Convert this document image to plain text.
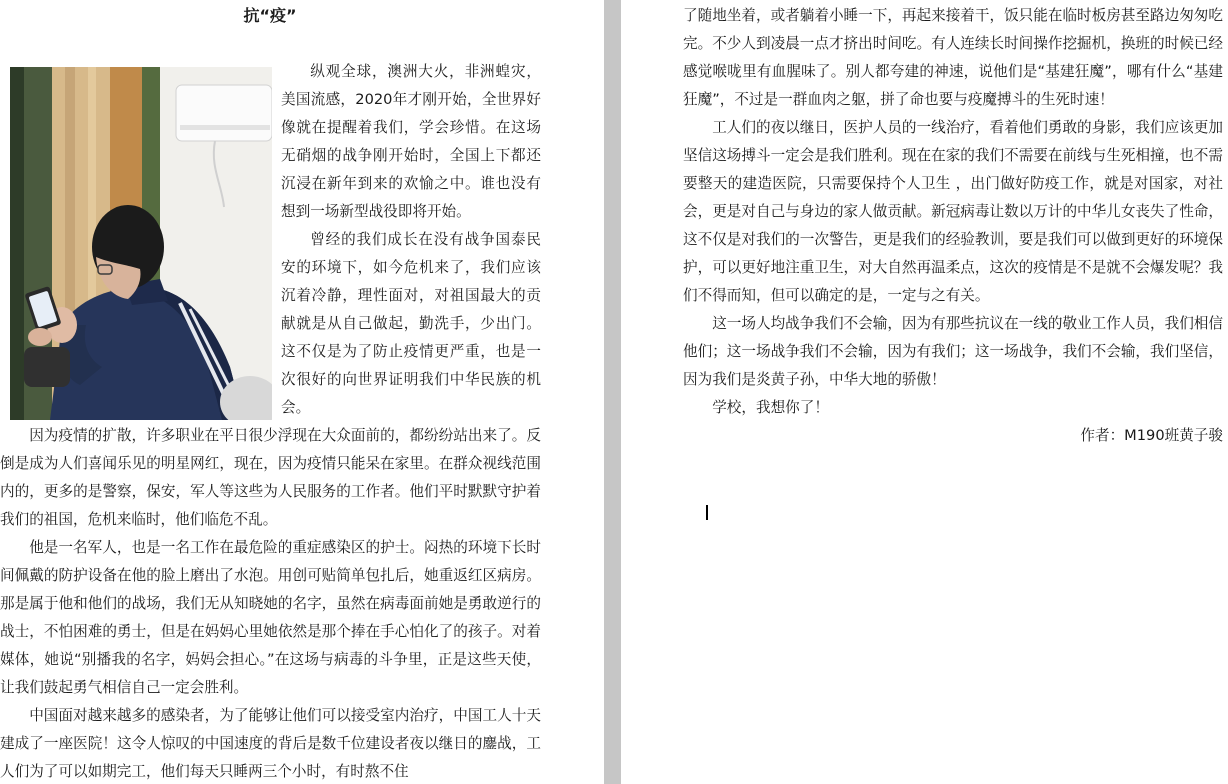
抗“疫”

纵观全球，澳洲大火，非洲蝗灾，美国流感，2020年才刚开始，全世界好像就在提醒着我们，学会珍惜。在这场无硝烟的战争刚开始时，全国上下都还沉浸在新年到来的欢愉之中。谁也没有想到一场新型战役即将开始。

曾经的我们成长在没有战争国泰民安的环境下，如今危机来了，我们应该沉着冷静，理性面对，对祖国最大的贡献就是从自己做起，勤洗手，少出门。这不仅是为了防止疫情更严重，也是一次很好的向世界证明我们中华民族的机会。

因为疫情的扩散，许多职业在平日很少浮现在大众面前的，都纷纷站出来了。反倒是成为人们喜闻乐见的明星网红，现在，因为疫情只能呆在家里。在群众视线范围内的，更多的是警察，保安，军人等这些为人民服务的工作者。他们平时默默守护着我们的祖国，危机来临时，他们临危不乱。

他是一名军人，也是一名工作在最危险的重症感染区的护士。闷热的环境下长时间佩戴的防护设备在他的脸上磨出了水泡。用创可贴简单包扎后，她重返红区病房。那是属于他和他们的战场，我们无从知晓她的名字，虽然在病毒面前她是勇敢逆行的战士，不怕困难的勇士，但是在妈妈心里她依然是那个捧在手心怕化了的孩子。对着媒体，她说“别播我的名字，妈妈会担心。”在这场与病毒的斗争里，正是这些天使，让我们鼓起勇气相信自己一定会胜利。

中国面对越来越多的感染者，为了能够让他们可以接受室内治疗，中国工人十天建成了一座医院！这令人惊叹的中国速度的背后是数千位建设者夜以继日的鏖战，工人们为了可以如期完工，他们每天只睡两三个小时，有时熬不住

了随地坐着，或者躺着小睡一下，再起来接着干，饭只能在临时板房甚至路边匆匆吃完。不少人到凌晨一点才挤出时间吃。有人连续长时间操作挖掘机，换班的时候已经感觉喉咙里有血腥味了。别人都夸建的神速，说他们是“基建狂魔”，哪有什么“基建狂魔”，不过是一群血肉之躯，拼了命也要与疫魔搏斗的生死时速！

工人们的夜以继日，医护人员的一线治疗，看着他们勇敢的身影，我们应该更加坚信这场搏斗一定会是我们胜利。现在在家的我们不需要在前线与生死相撞，也不需要整天的建造医院，只需要保持个人卫生 ，出门做好防疫工作，就是对国家，对社会，更是对自己与身边的家人做贡献。新冠病毒让数以万计的中华儿女丧失了性命，这不仅是对我们的一次警告，更是我们的经验教训，要是我们可以做到更好的环境保护，可以更好地注重卫生，对大自然再温柔点，这次的疫情是不是就不会爆发呢？我们不得而知，但可以确定的是，一定与之有关。

这一场人均战争我们不会输，因为有那些抗议在一线的敬业工作人员，我们相信他们；这一场战争我们不会输，因为有我们；这一场战争，我们不会输，我们坚信，因为我们是炎黄子孙，中华大地的骄傲！

学校，我想你了！

作者：M190班黄子骏
